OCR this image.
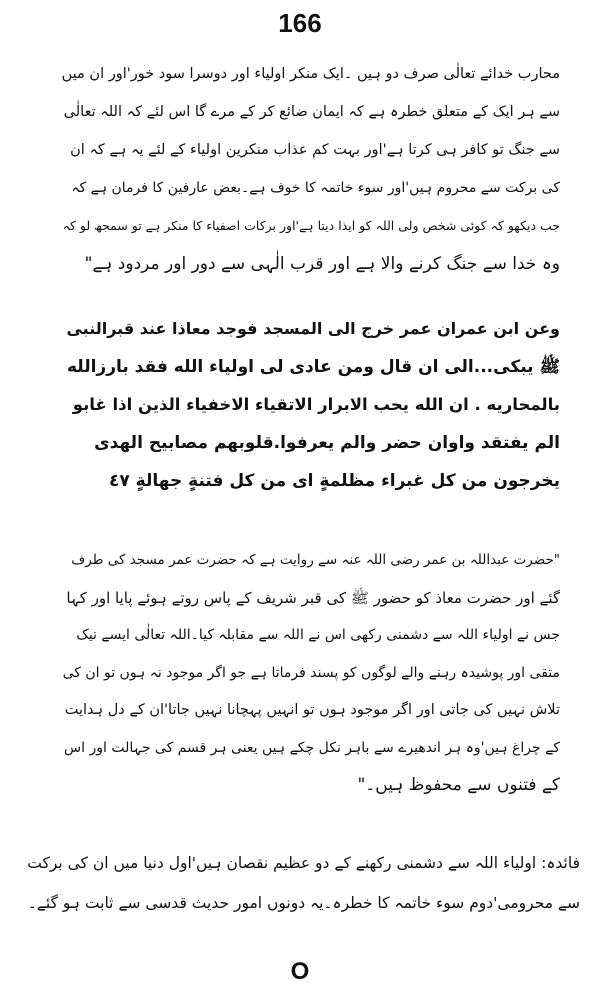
166
محارب خدائے تعالٰی صرف دو ہیں ۔ایک منکر اولیاء اور دوسرا سود خور'اور ان میں
سے ہر ایک کے متعلق خطرہ ہے کہ ایمان ضائع کر کے مرے گا اس لئے کہ اللہ تعالٰی
سے جنگ تو کافر ہی کرتا ہے'اور بہت کم عذاب منکرین اولیاء کے لئے یہ ہے کہ ان
کی برکت سے محروم ہیں'اور سوء خاتمہ کا خوف ہے۔بعض عارفین کا فرمان ہے کہ
جب دیکھو کہ کوئی شخص ولی اللہ کو ایذا دیتا ہے'اور برکات اصفیاء کا منکر ہے تو سمجھ لو کہ
وہ خدا سے جنگ کرنے والا ہے اور قرب الٰہی سے دور اور مردود ہے"
وعن ابن عمران عمر خرج الى المسجد فوجد معاذا عند قبرالنبى
ﷺ يبكى...الى ان قال ومن عادى لى اولياء الله فقد بارزالله
بالمحاريه . ان الله يحب الابرار الاتقياء الاخفياء الذين اذا غابو
الم يفتقد واوان حضر والم يعرفوا.قلوبهم مصابيح الهدى
يخرجون من كل غبراء مظلمةٍ اى من كل فتنةٍ جهالةٍ ٤٧
"حضرت عبداللہ بن عمر رضی اللہ عنہ سے روایت ہے کہ حضرت عمر مسجد کی طرف
گئے اور حضرت معاذ کو حضور ﷺ کی قبر شریف کے پاس روتے ہوئے پایا اور کہا
جس نے اولیاء اللہ سے دشمنی رکھی اس نے اللہ سے مقابلہ کیا۔اللہ تعالٰی ایسے نیک
متقی اور پوشیدہ رہنے والے لوگوں کو پسند فرماتا ہے جو اگر موجود نہ ہوں تو ان کی
تلاش نہیں کی جاتی اور اگر موجود ہوں تو انہیں پہچانا نہیں جاتا'ان کے دل ہدایت
کے چراغ ہیں'وہ ہر اندھیرے سے باہر نکل چکے ہیں یعنی ہر قسم کی جہالت اور اس
کے فتنوں سے محفوظ ہیں۔"
فائدہ: اولیاء اللہ سے دشمنی رکھنے کے دو عظیم نقصان ہیں'اول دنیا میں ان کی برکت
سے محرومی'دوم سوء خاتمہ کا خطرہ۔یہ دونوں امور حدیث قدسی سے ثابت ہو گئے۔
O
